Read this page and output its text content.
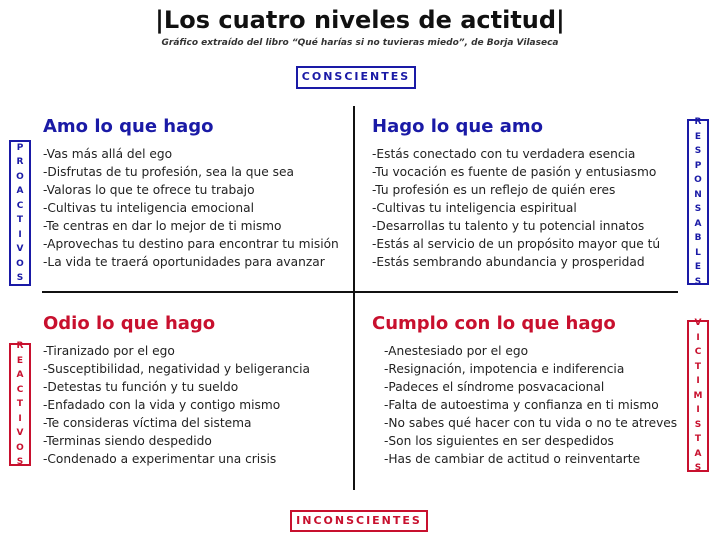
|Los cuatro niveles de actitud|
Gráfico extraído del libro “Qué harías si no tuvieras miedo”, de Borja Vilaseca
CONSCIENTES
INCONSCIENTES
P
R
O
A
C
T
I
V
O
S
R
E
A
C
T
I
V
O
S
R
E
S
P
O
N
S
A
B
L
E
S
V
I
C
T
I
M
I
S
T
A
S
Amo lo que hago
-Vas más allá del ego
-Disfrutas de tu profesión, sea la que sea
-Valoras lo que te ofrece tu trabajo
-Cultivas tu inteligencia emocional
-Te centras en dar lo mejor de ti mismo
-Aprovechas tu destino para encontrar tu misión
-La vida te traerá oportunidades para avanzar
Hago lo que amo
-Estás conectado con tu verdadera esencia
-Tu vocación es fuente de pasión y entusiasmo
-Tu profesión es un reflejo de quién eres
-Cultivas tu inteligencia espiritual
-Desarrollas tu talento y tu potencial innatos
-Estás al servicio de un propósito mayor que tú
-Estás sembrando abundancia y prosperidad
Odio lo que hago
-Tiranizado por el ego
-Susceptibilidad, negatividad y beligerancia
-Detestas tu función y tu sueldo
-Enfadado con la vida y contigo mismo
-Te consideras víctima del sistema
-Terminas siendo despedido
-Condenado a experimentar una crisis
Cumplo con lo que hago
-Anestesiado por el ego
-Resignación, impotencia e indiferencia
-Padeces el síndrome posvacacional
-Falta de autoestima y confianza en ti mismo
-No sabes qué hacer con tu vida o no te atreves
-Son los siguientes en ser despedidos
-Has de cambiar de actitud o reinventarte
